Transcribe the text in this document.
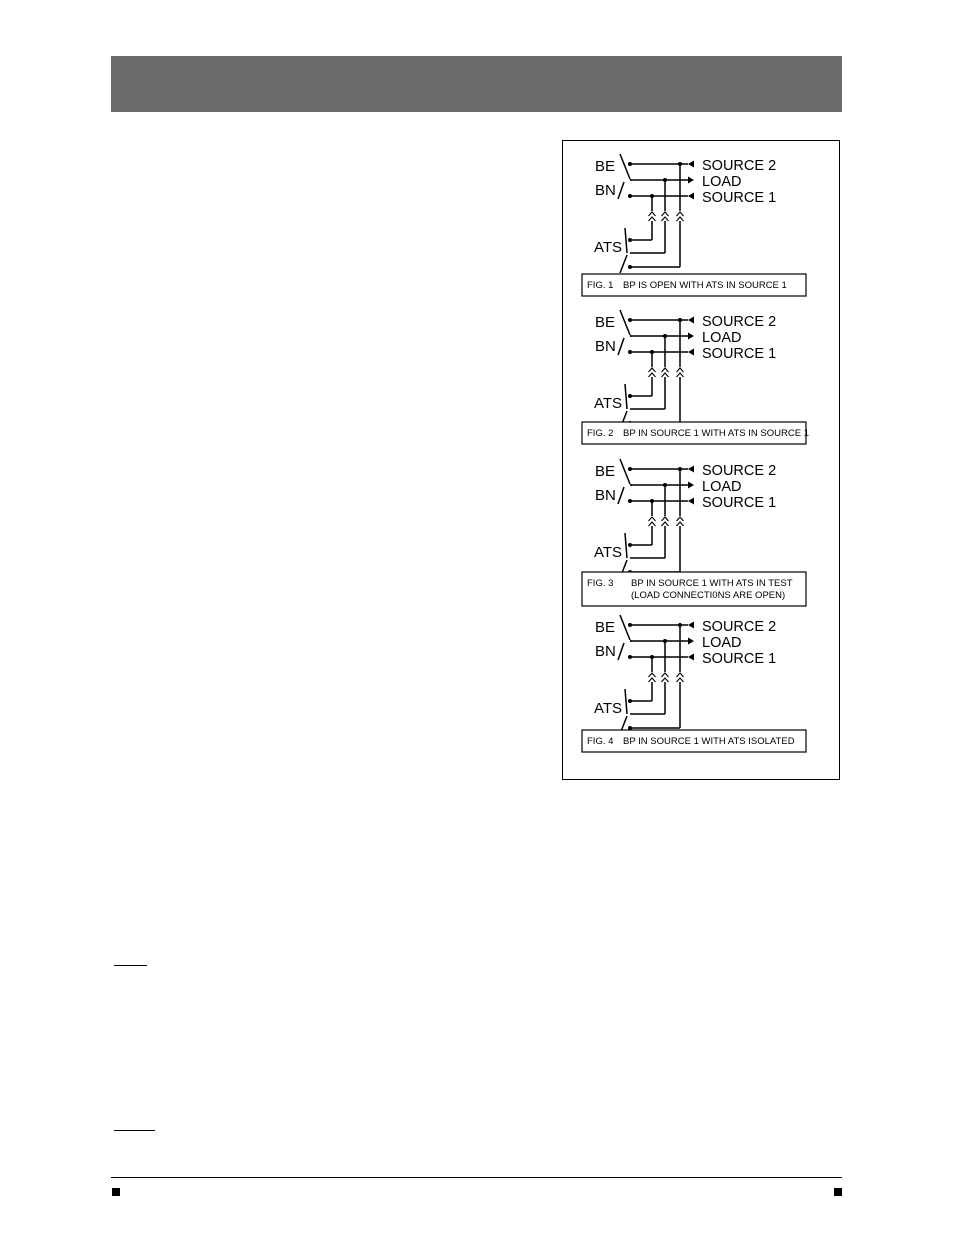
BE
BN
ATS
SOURCE 2
LOAD
SOURCE 1
FIG. 1 BP IS OPEN WITH ATS IN SOURCE 1
BE
BN
ATS
SOURCE 2
LOAD
SOURCE 1
FIG. 2 BP IN SOURCE 1 WITH ATS IN SOURCE 1
BE
BN
ATS
SOURCE 2
LOAD
SOURCE 1
FIG. 3 BP IN SOURCE 1 WITH ATS IN TEST
(LOAD CONNECTI0NS ARE OPEN)
BE
BN
ATS
SOURCE 2
LOAD
SOURCE 1
FIG. 4 BP IN SOURCE 1 WITH ATS ISOLATED
